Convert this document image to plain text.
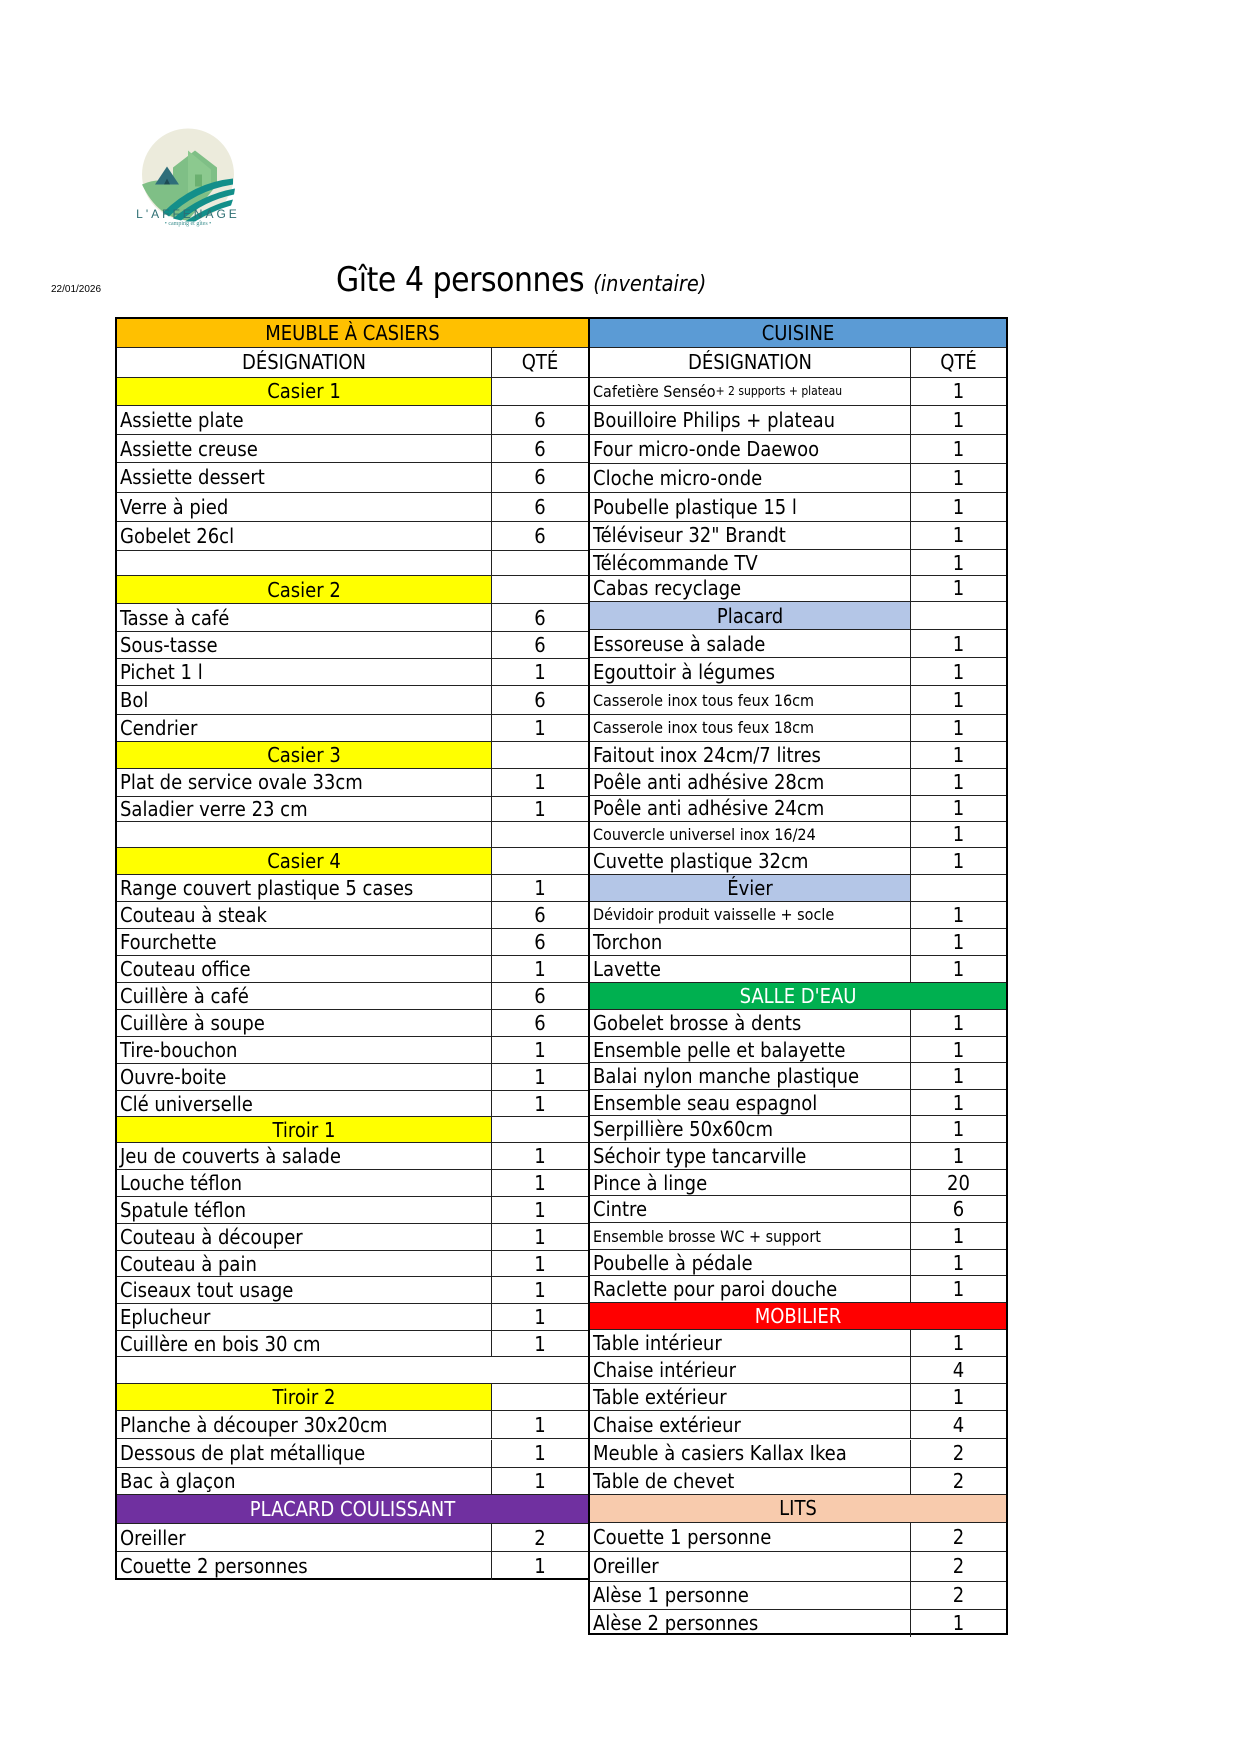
L'AFFENAGE
• camping et gîtes •
22/01/2026	Gîte 4 personnes (inventaire)
MEUBLE À CASIERS
DÉSIGNATION	QTÉ
Casier 1
Assiette plate	6
Assiette creuse	6
Assiette dessert	6
Verre à pied	6
Gobelet 26cl	6
Casier 2
Tasse à café	6
Sous-tasse	6
Pichet 1 l	1
Bol	6
Cendrier	1
Casier 3
Plat de service ovale 33cm	1
Saladier verre 23 cm	1
Casier 4
Range couvert plastique 5 cases	1
Couteau à steak	6
Fourchette	6
Couteau office	1
Cuillère à café	6
Cuillère à soupe	6
Tire-bouchon	1
Ouvre-boite	1
Clé universelle	1
Tiroir 1
Jeu de couverts à salade	1
Louche téflon	1
Spatule téflon	1
Couteau à découper	1
Couteau à pain	1
Ciseaux tout usage	1
Eplucheur	1
Cuillère en bois 30 cm	1
Tiroir 2
Planche à découper 30x20cm	1
Dessous de plat métallique	1
Bac à glaçon	1
PLACARD COULISSANT
Oreiller	2
Couette 2 personnes	1
CUISINE
DÉSIGNATION	QTÉ
Cafetière Senséo + 2 supports + plateau	1
Bouilloire Philips + plateau	1
Four micro-onde Daewoo	1
Cloche micro-onde	1
Poubelle plastique 15 l	1
Téléviseur 32" Brandt	1
Télécommande TV	1
Cabas recyclage	1
Placard
Essoreuse à salade	1
Egouttoir à légumes	1
Casserole inox tous feux 16cm	1
Casserole inox tous feux 18cm	1
Faitout inox 24cm/7 litres	1
Poêle anti adhésive 28cm	1
Poêle anti adhésive 24cm	1
Couvercle universel inox 16/24	1
Cuvette plastique 32cm	1
Évier
Dévidoir produit vaisselle + socle	1
Torchon	1
Lavette	1
SALLE D'EAU
Gobelet brosse à dents	1
Ensemble pelle et balayette	1
Balai nylon manche plastique	1
Ensemble seau espagnol	1
Serpillière 50x60cm	1
Séchoir type tancarville	1
Pince à linge	20
Cintre	6
Ensemble brosse WC + support	1
Poubelle à pédale	1
Raclette pour paroi douche	1
MOBILIER
Table intérieur	1
Chaise intérieur	4
Table extérieur	1
Chaise extérieur	4
Meuble à casiers Kallax Ikea	2
Table de chevet	2
LITS
Couette 1 personne	2
Oreiller	2
Alèse 1 personne	2
Alèse 2 personnes	1
